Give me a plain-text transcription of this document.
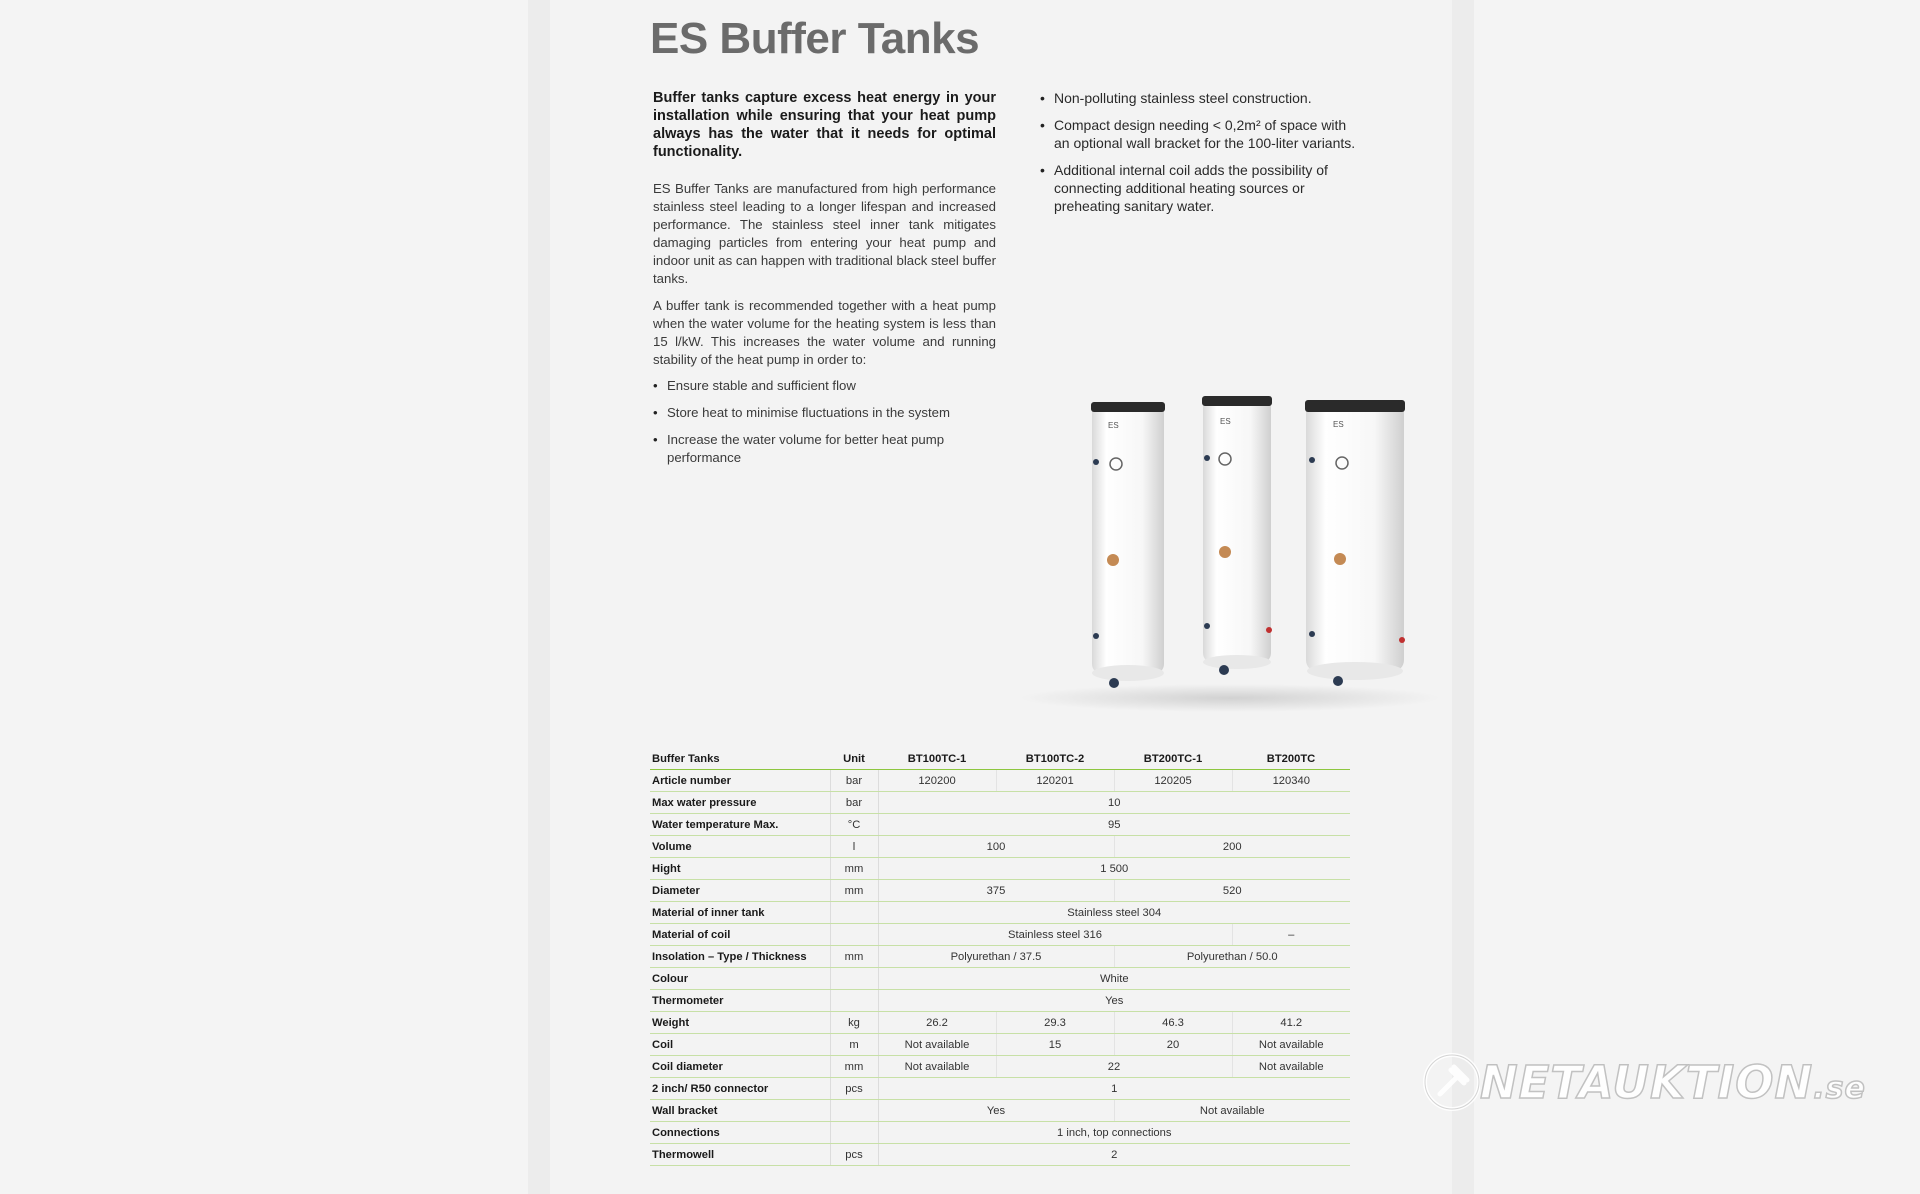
ES Buffer Tanks
Buffer tanks capture excess heat energy in your installation while ensuring that your heat pump always has the water that it needs for optimal functionality.
ES Buffer Tanks are manufactured from high performance stainless steel leading to a longer lifespan and increased performance. The stainless steel inner tank mitigates damaging particles from entering your heat pump and indoor unit as can happen with traditional black steel buffer tanks.
A buffer tank is recommended together with a heat pump when the water volume for the heating system is less than 15 l/kW. This increases the water volume and running stability of the heat pump in order to:
• Ensure stable and sufficient flow
• Store heat to minimise fluctuations in the system
• Increase the water volume for better heat pump performance
• Non-polluting stainless steel construction.
• Compact design needing < 0,2m² of space with an optional wall bracket for the 100-liter variants.
• Additional internal coil adds the possibility of connecting additional heating sources or preheating sanitary water.
ES	ES	ES
Buffer Tanks	Unit	BT100TC-1	BT100TC-2	BT200TC-1	BT200TC
Article number	bar	120200	120201	120205	120340
Max water pressure	bar	10			
Water temperature Max.	°C	95			
Volume	l	100		200	
Hight	mm	1 500			
Diameter	mm	375		520	
Material of inner tank		Stainless steel 304			
Material of coil		Stainless steel 316			–
Insolation – Type / Thickness	mm	Polyurethan / 37.5		Polyurethan / 50.0	
Colour		White			
Thermometer		Yes			
Weight	kg	26.2	29.3	46.3	41.2
Coil	m	Not available	15	20	Not available
Coil diameter	mm	Not available	22		Not available
2 inch/ R50 connector	pcs	1			
Wall bracket		Yes		Not available	
Connections		1 inch, top connections			
Thermowell	pcs	2			
NETAUKTION.se
